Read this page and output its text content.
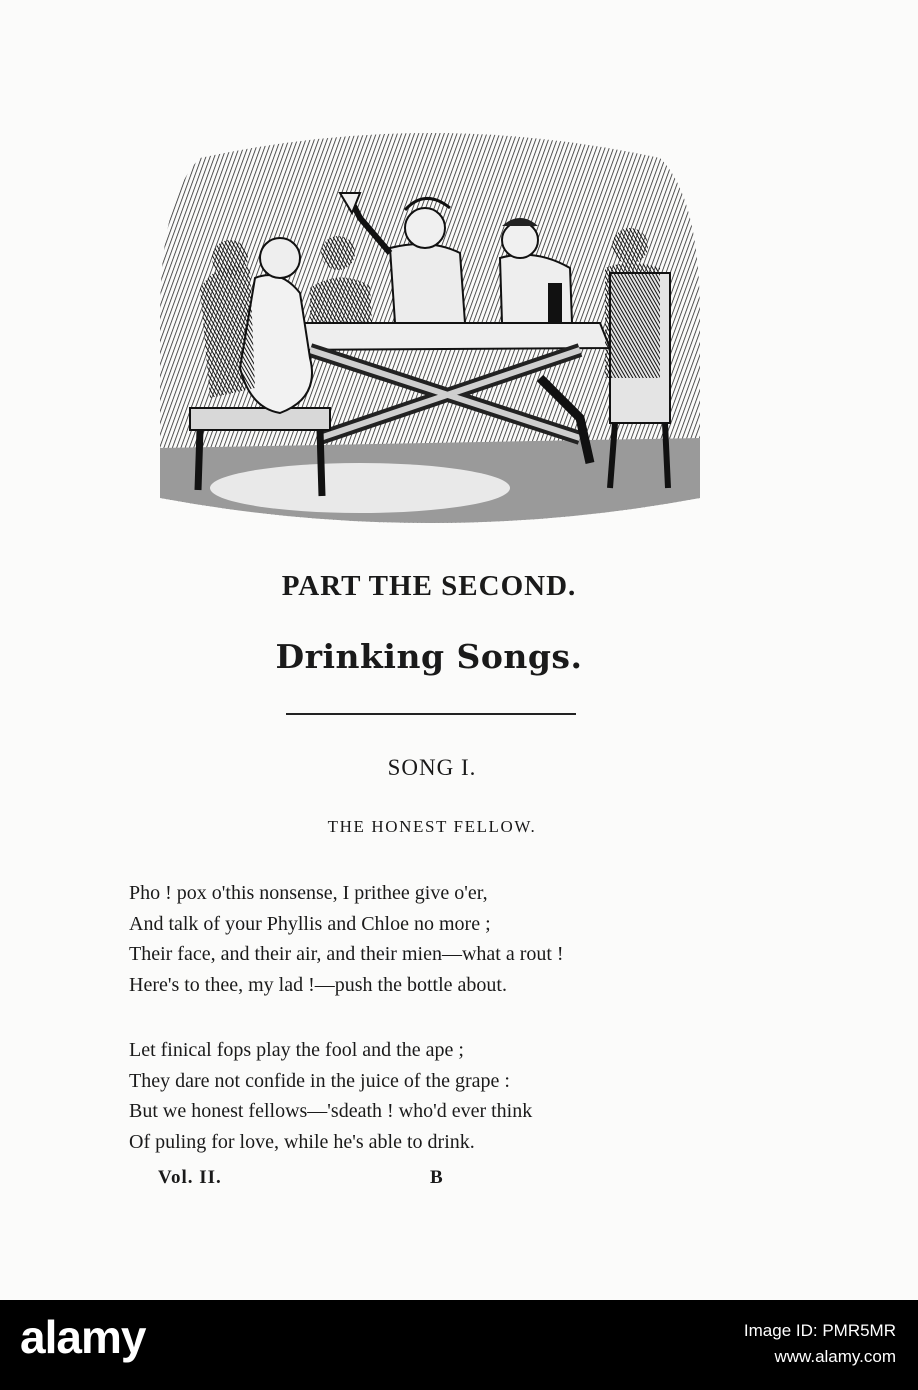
PART THE SECOND.
Drinking Songs.
SONG I.
THE HONEST FELLOW.
Pho ! pox o'this nonsense, I prithee give o'er,
And talk of your Phyllis and Chloe no more ;
Their face, and their air, and their mien—what a rout !
Here's to thee, my lad !—push the bottle about.
Let finical fops play the fool and the ape ;
They dare not confide in the juice of the grape :
But we honest fellows—'sdeath ! who'd ever think
Of puling for love, while he's able to drink.
Vol. II.	B
alamy	Image ID: PMR5MR
www.alamy.com
